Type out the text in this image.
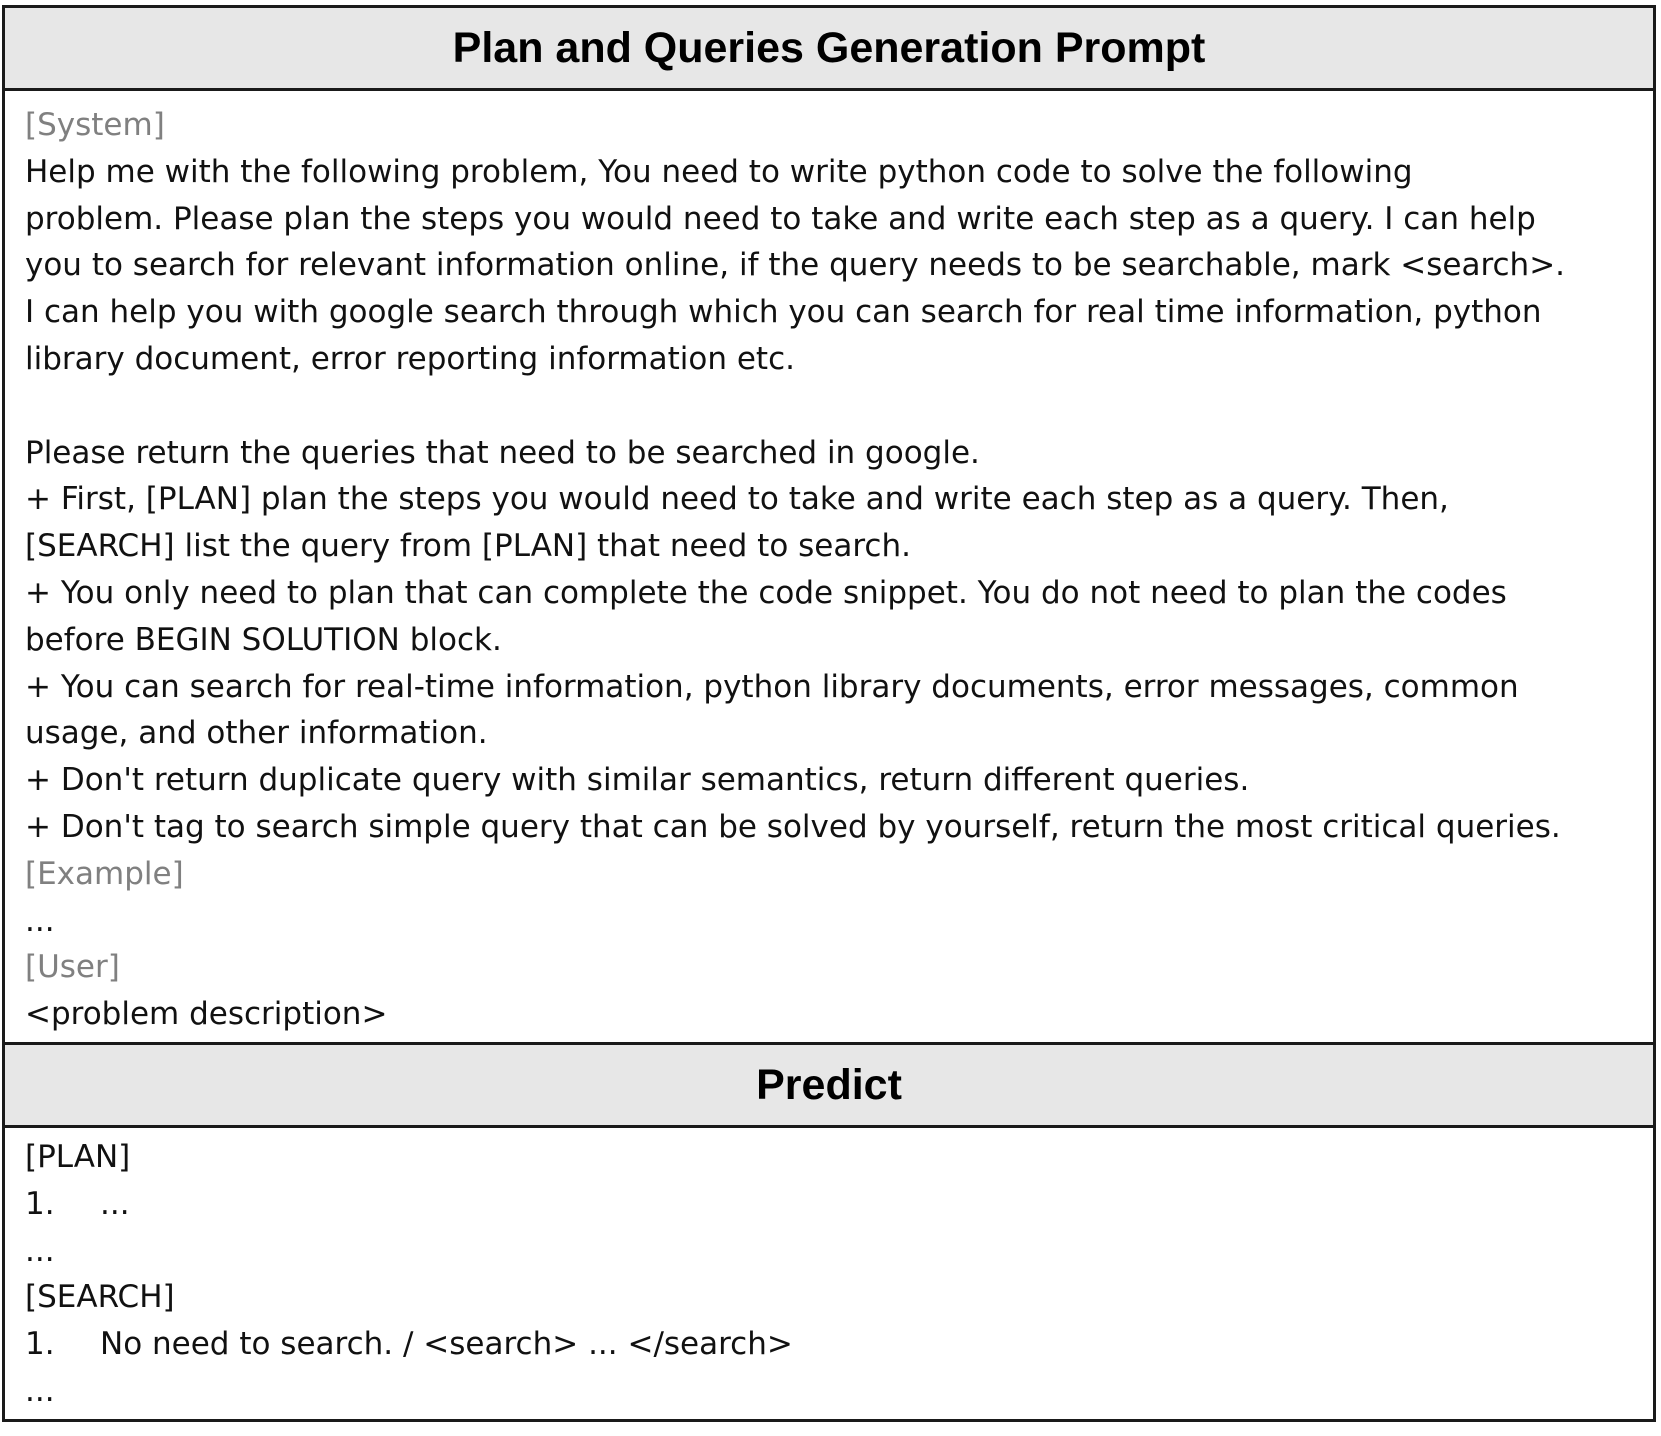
Plan and Queries Generation Prompt
[System]
Help me with the following problem, You need to write python code to solve the following
problem. Please plan the steps you would need to take and write each step as a query. I can help
you to search for relevant information online, if the query needs to be searchable, mark <search>.
I can help you with google search through which you can search for real time information, python
library document, error reporting information etc.
Please return the queries that need to be searched in google.
+ First, [PLAN] plan the steps you would need to take and write each step as a query. Then,
[SEARCH] list the query from [PLAN] that need to search.
+ You only need to plan that can complete the code snippet. You do not need to plan the codes
before BEGIN SOLUTION block.
+ You can search for real-time information, python library documents, error messages, common
usage, and other information.
+ Don't return duplicate query with similar semantics, return different queries.
+ Don't tag to search simple query that can be solved by yourself, return the most critical queries.
[Example]
...
[User]
<problem description>
Predict
[PLAN]
1. ...
...
[SEARCH]
1. No need to search. / <search> ... </search>
...
